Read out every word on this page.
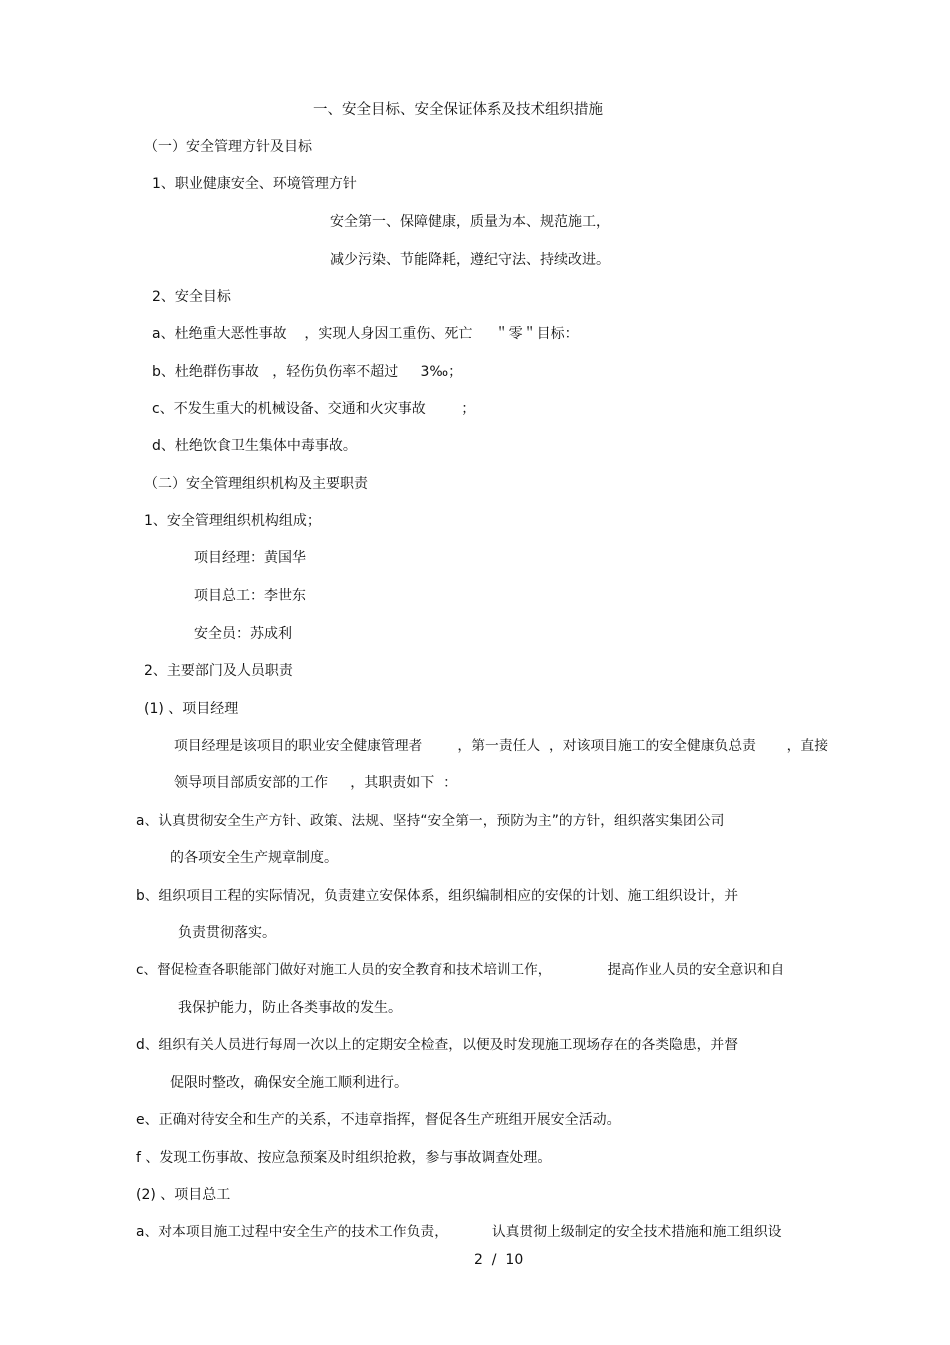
一、安全目标、安全保证体系及技术组织措施
（一）安全管理方针及目标
1、职业健康安全、环境管理方针
安全第一、保障健康，质量为本、规范施工，
减少污染、节能降耗，遵纪守法、持续改进。
2、安全目标
a、杜绝重大恶性事故    ，实现人身因工重伤、死亡     ＂零＂目标：
b、杜绝群伤事故   ，轻伤负伤率不超过     3‰；
c、不发生重大的机械设备、交通和火灾事故        ；
d、杜绝饮食卫生集体中毒事故。
（二）安全管理组织机构及主要职责
1、安全管理组织机构组成；
项目经理：黄国华
项目总工：李世东
安全员：苏成利
2、主要部门及人员职责
(1) 、项目经理
项目经理是该项目的职业安全健康管理者        ，第一责任人  ，对该项目施工的安全健康负总责       ，直接
领导项目部质安部的工作     ，其职责如下  ：
a、认真贯彻安全生产方针、政策、法规、坚持“安全第一，预防为主”的方针，组织落实集团公司
的各项安全生产规章制度。
b、组织项目工程的实际情况，负责建立安保体系，组织编制相应的安保的计划、施工组织设计，并
负责贯彻落实。
c、督促检查各职能部门做好对施工人员的安全教育和技术培训工作，             提高作业人员的安全意识和自
我保护能力，防止各类事故的发生。
d、组织有关人员进行每周一次以上的定期安全检查，以便及时发现施工现场存在的各类隐患，并督
促限时整改，确保安全施工顺利进行。
e、正确对待安全和生产的关系，不违章指挥，督促各生产班组开展安全活动。
f 、发现工伤事故、按应急预案及时组织抢救，参与事故调查处理。
(2) 、项目总工
a、对本项目施工过程中安全生产的技术工作负责，          认真贯彻上级制定的安全技术措施和施工组织设
2  /  10
